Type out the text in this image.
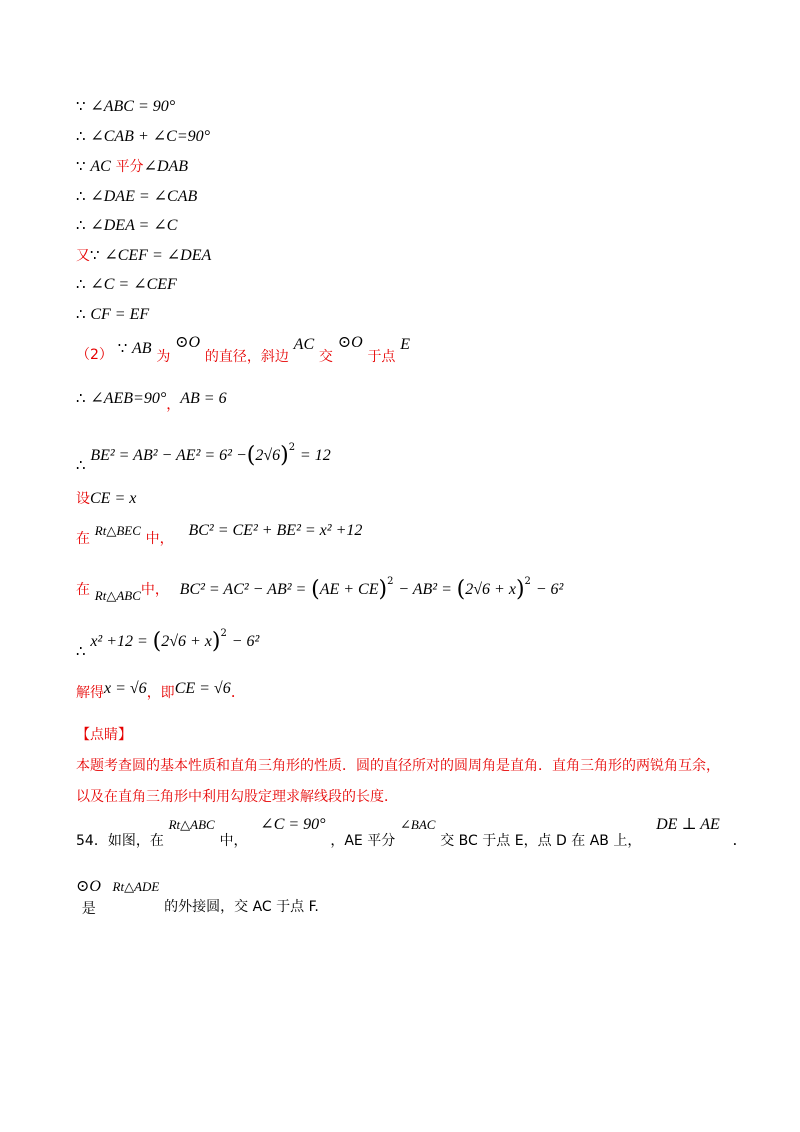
∵ ∠ABC = 90°
∴ ∠CAB + ∠C=90°
∵ AC 平分∠DAB
∴ ∠DAE = ∠CAB
∴ ∠DEA = ∠C
又∵ ∠CEF = ∠DEA
∴ ∠C = ∠CEF
∴ CF = EF
（2） ∵ AB 为 ⊙O 的直径，斜边 AC 交 ⊙O 于点 E
∴ ∠AEB=90°，AB = 6
∴ $BE^2 = AB^2 - AE^2 = 6^2 -(2√6)^2 = 12$
设CE = x
在 Rt△BEC 中， BC² = CE² + BE² = x² +12
在 Rt△ABC中， $BC^2 = AC^2 - AB^2 = (AE + CE)^2 - AB^2 = (2√6 + x)^2 - 6^2$
∴ $x^2 +12 = (2√6 + x)^2 - 6^2$
解得x = √6，即CE = √6.
【点睛】
本题考查圆的基本性质和直角三角形的性质．圆的直径所对的圆周角是直角．直角三角形的两锐角互余，
以及在直角三角形中利用勾股定理求解线段的长度．
54．如图，在 Rt△ABC 中， ∠C = 90° ，AE 平分 ∠BAC 交 BC 于点 E，点 D 在 AB 上， DE ⊥ AE .
⊙O 是 Rt△ADE 的外接圆，交 AC 于点 F.
